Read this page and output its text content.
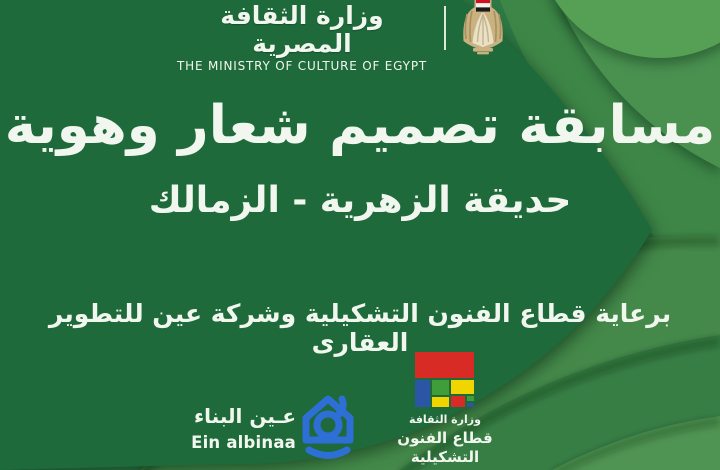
وزارة الثقافة المصرية
THE MINISTRY OF CULTURE OF EGYPT
مسابقة تصميم شعار وهوية
حديقة الزهرية - الزمالك
برعاية قطاع الفنون التشكيلية وشركة عين للتطوير العقارى
عـين البناء
Ein albinaa
وزارة الثقافة
قطاع الفنون التشكيلية
